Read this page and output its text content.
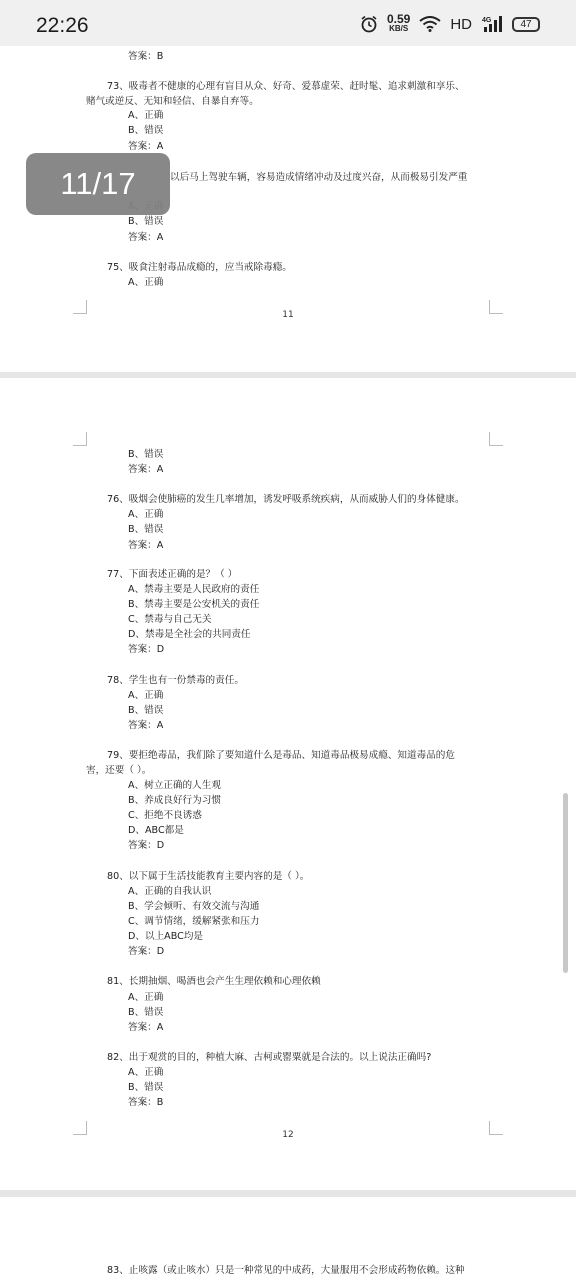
22:26	0.59
KB/S	HD 4G	47
答案：B
73、吸毒者不健康的心理有盲目从众、好奇、爱慕虚荣、赶时髦、追求刺激和享乐、
赌气或逆反、无知和轻信、自暴自弃等。
A、正确
B、错误
答案：A
以后马上驾驶车辆，容易造成情绪冲动及过度兴奋，从而极易引发严重
B、错误
答案：A
75、吸食注射毒品成瘾的，应当戒除毒瘾。
A、正确
11
B、错误
答案：A
76、吸烟会使肺癌的发生几率增加，诱发呼吸系统疾病，从而威胁人们的身体健康。
A、正确
B、错误
答案：A
77、下面表述正确的是？（ ）
A、禁毒主要是人民政府的责任
B、禁毒主要是公安机关的责任
C、禁毒与自己无关
D、禁毒是全社会的共同责任
答案：D
78、学生也有一份禁毒的责任。
A、正确
B、错误
答案：A
79、要拒绝毒品，我们除了要知道什么是毒品、知道毒品极易成瘾、知道毒品的危
害，还要（ ）。
A、树立正确的人生观
B、养成良好行为习惯
C、拒绝不良诱惑
D、ABC都是
答案：D
80、以下属于生活技能教育主要内容的是（ ）。
A、正确的自我认识
B、学会倾听、有效交流与沟通
C、调节情绪，缓解紧张和压力
D、以上ABC均是
答案：D
81、长期抽烟、喝酒也会产生生理依赖和心理依赖
A、正确
B、错误
答案：A
82、出于观赏的目的，种植大麻、古柯或罂粟就是合法的。以上说法正确吗?
A、正确
B、错误
答案：B
12
83、止咳露（或止咳水）只是一种常见的中成药，大量服用不会形成药物依赖。这种
11/17
